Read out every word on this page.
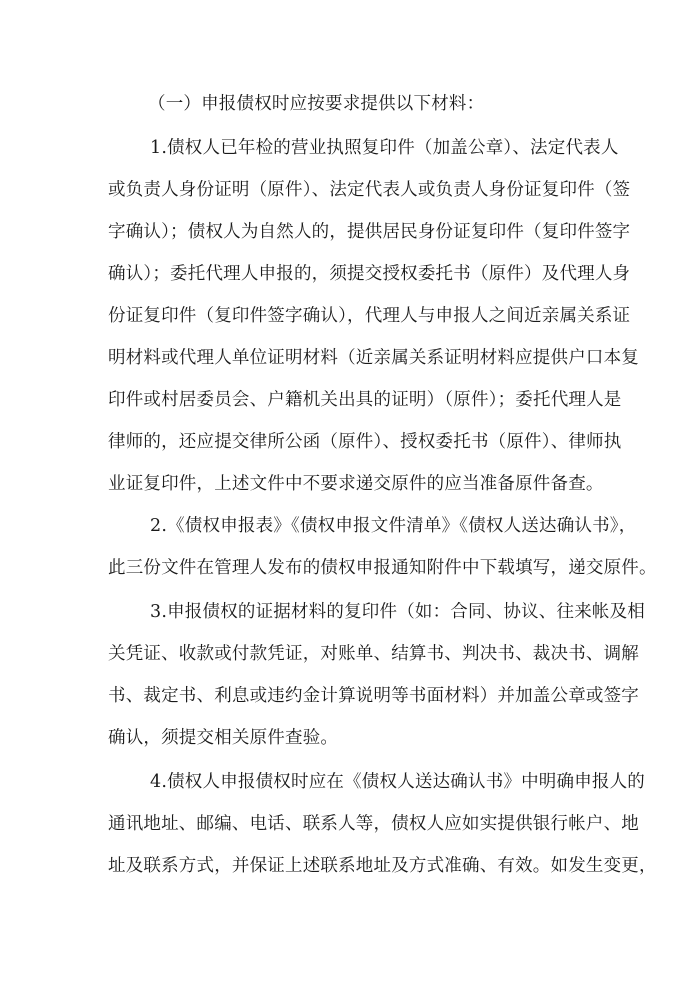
（一）申报债权时应按要求提供以下材料：
1.债权人已年检的营业执照复印件（加盖公章）、法定代表人
或负责人身份证明（原件）、法定代表人或负责人身份证复印件（签
字确认）；债权人为自然人的，提供居民身份证复印件（复印件签字
确认）；委托代理人申报的，须提交授权委托书（原件）及代理人身
份证复印件（复印件签字确认），代理人与申报人之间近亲属关系证
明材料或代理人单位证明材料（近亲属关系证明材料应提供户口本复
印件或村居委员会、户籍机关出具的证明）（原件）；委托代理人是
律师的，还应提交律所公函（原件）、授权委托书（原件）、律师执
业证复印件，上述文件中不要求递交原件的应当准备原件备查。
2.《债权申报表》《债权申报文件清单》《债权人送达确认书》，
此三份文件在管理人发布的债权申报通知附件中下载填写，递交原件。
3.申报债权的证据材料的复印件（如：合同、协议、往来帐及相
关凭证、收款或付款凭证，对账单、结算书、判决书、裁决书、调解
书、裁定书、利息或违约金计算说明等书面材料）并加盖公章或签字
确认，须提交相关原件查验。
4.债权人申报债权时应在《债权人送达确认书》中明确申报人的
通讯地址、邮编、电话、联系人等，债权人应如实提供银行帐户、地
址及联系方式，并保证上述联系地址及方式准确、有效。如发生变更，
